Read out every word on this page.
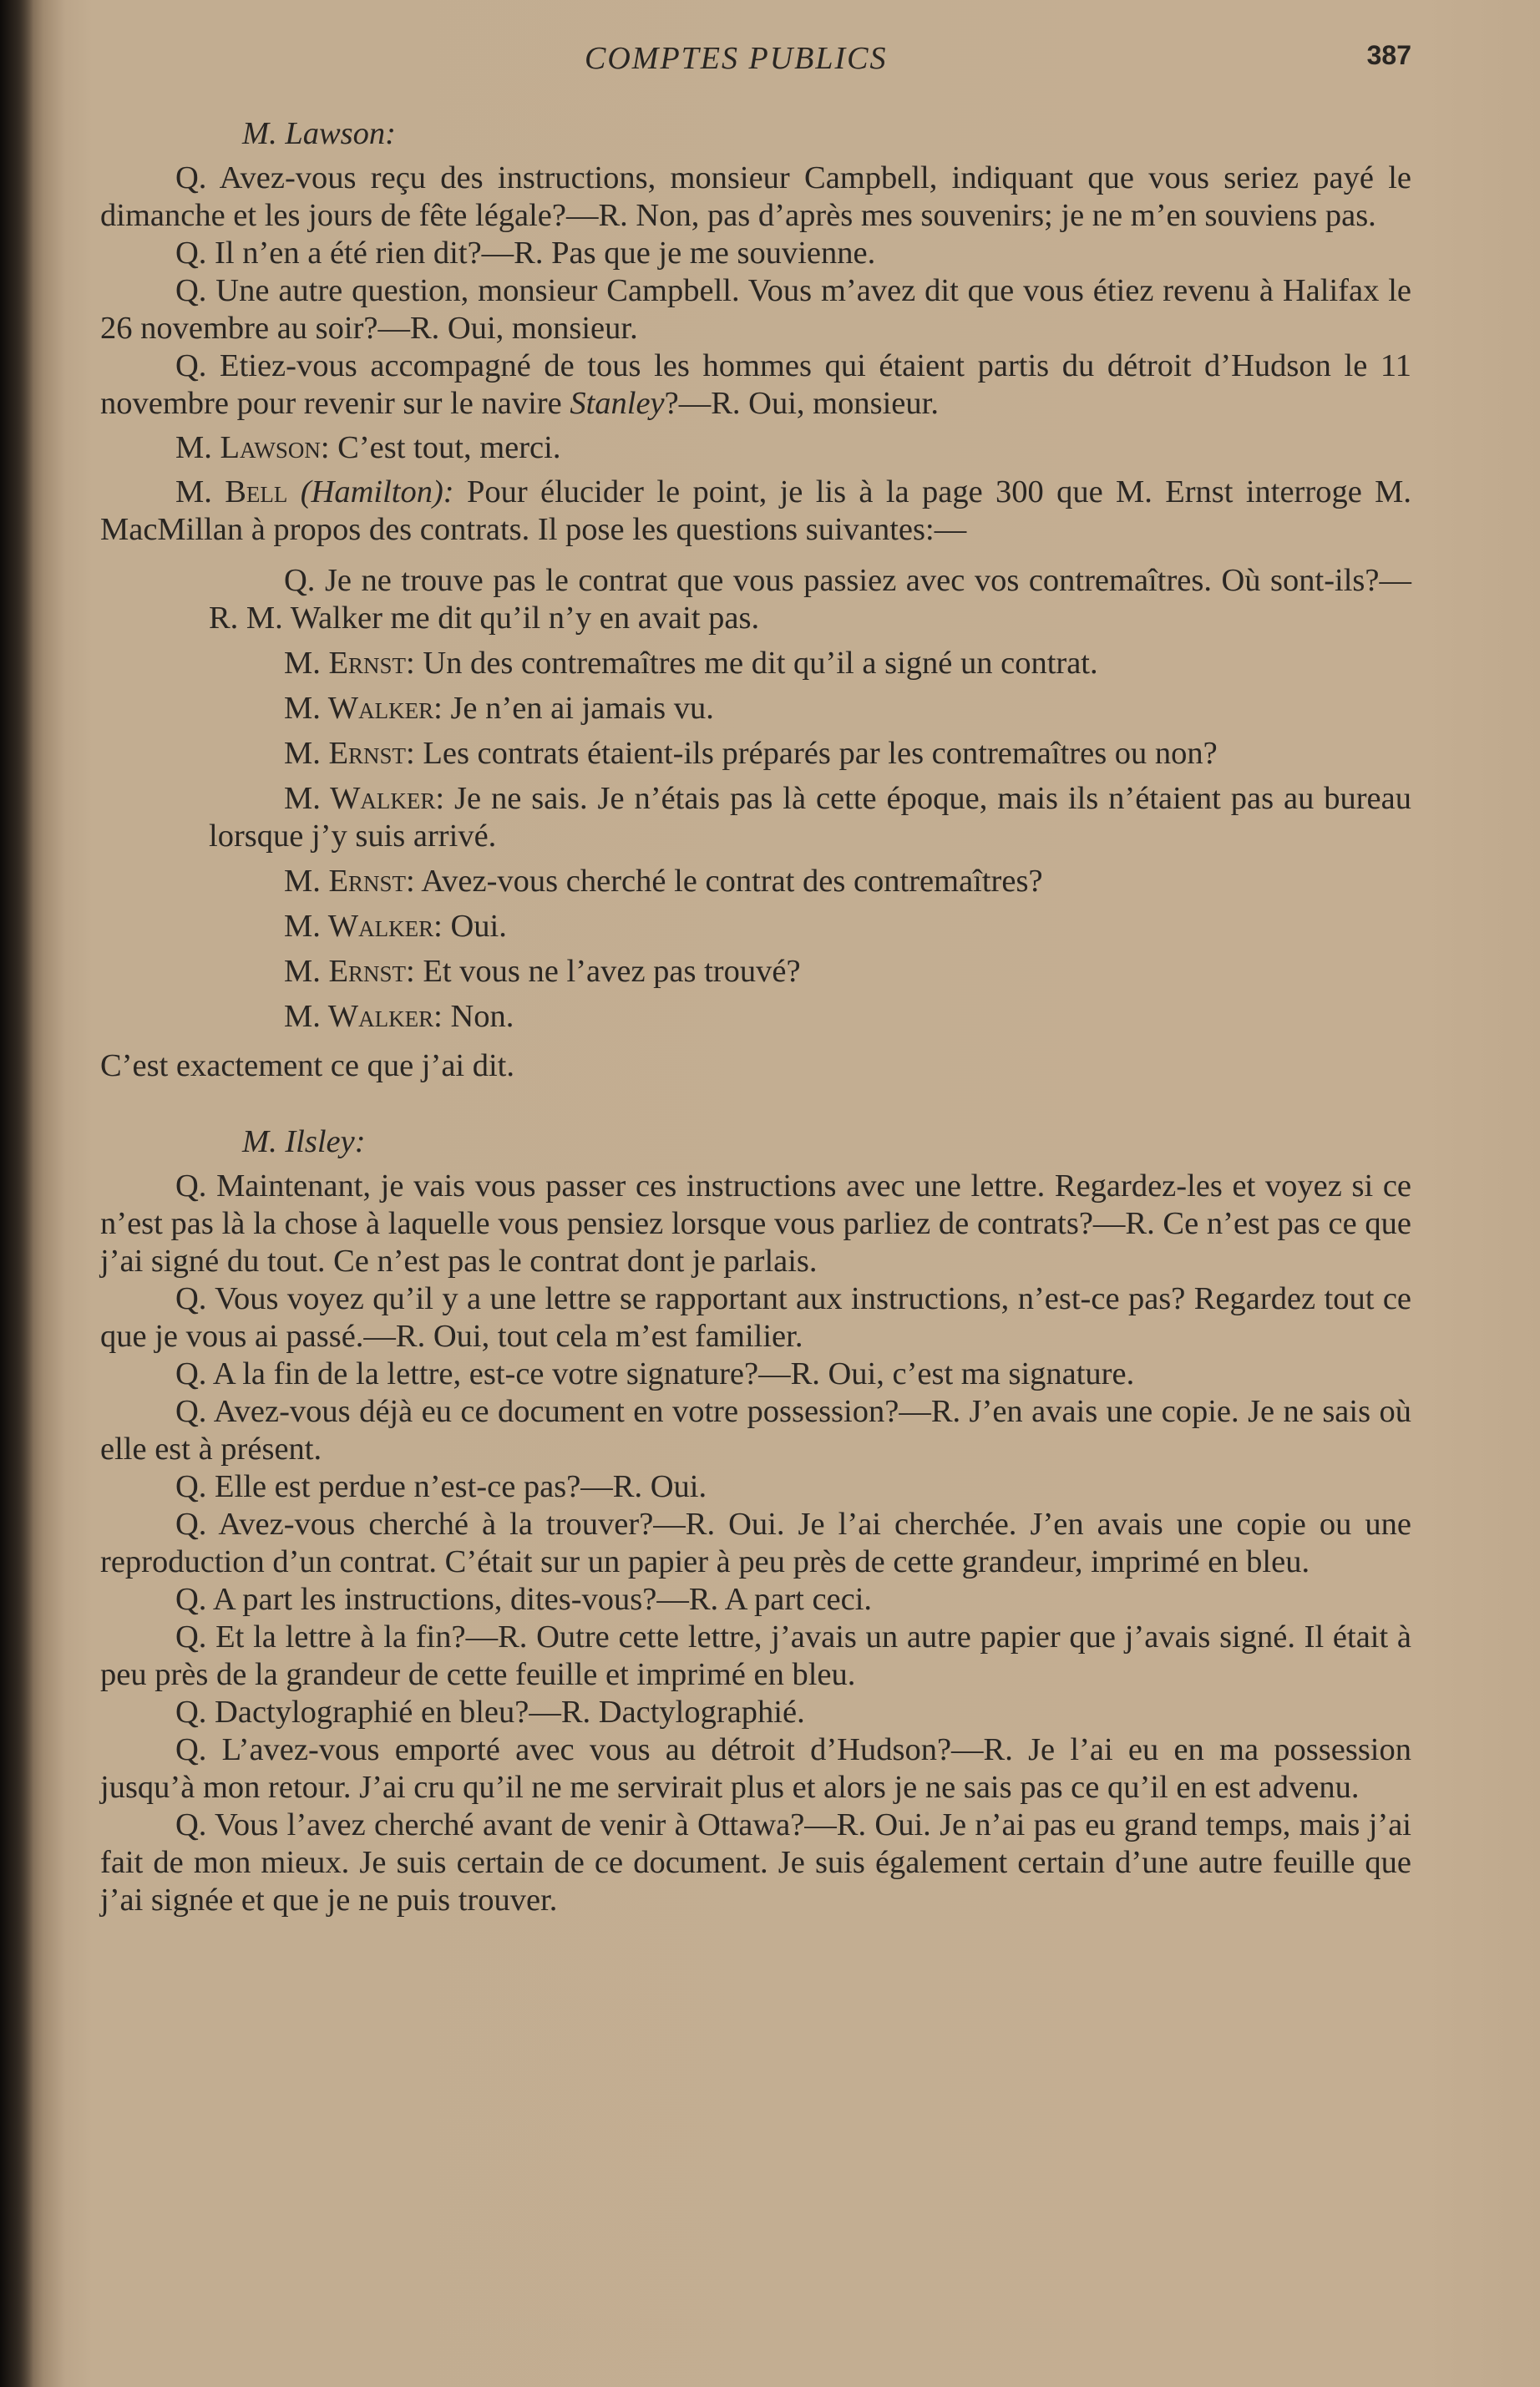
COMPTES PUBLICS	387

M. Lawson:

Q. Avez-vous reçu des instructions, monsieur Campbell, indiquant que vous seriez payé le dimanche et les jours de fête légale?—R. Non, pas d’après mes souvenirs; je ne m’en souviens pas.

Q. Il n’en a été rien dit?—R. Pas que je me souvienne.

Q. Une autre question, monsieur Campbell. Vous m’avez dit que vous étiez revenu à Halifax le 26 novembre au soir?—R. Oui, monsieur.

Q. Etiez-vous accompagné de tous les hommes qui étaient partis du détroit d’Hudson le 11 novembre pour revenir sur le navire Stanley?—R. Oui, monsieur.

M. Lawson: C’est tout, merci.

M. Bell (Hamilton): Pour élucider le point, je lis à la page 300 que M. Ernst interroge M. MacMillan à propos des contrats. Il pose les questions suivantes:—

Q. Je ne trouve pas le contrat que vous passiez avec vos contremaîtres. Où sont-ils?—R. M. Walker me dit qu’il n’y en avait pas.

M. Ernst: Un des contremaîtres me dit qu’il a signé un contrat.

M. Walker: Je n’en ai jamais vu.

M. Ernst: Les contrats étaient-ils préparés par les contremaîtres ou non?

M. Walker: Je ne sais. Je n’étais pas là cette époque, mais ils n’étaient pas au bureau lorsque j’y suis arrivé.

M. Ernst: Avez-vous cherché le contrat des contremaîtres?

M. Walker: Oui.

M. Ernst: Et vous ne l’avez pas trouvé?

M. Walker: Non.

C’est exactement ce que j’ai dit.

M. Ilsley:

Q. Maintenant, je vais vous passer ces instructions avec une lettre. Regardez-les et voyez si ce n’est pas là la chose à laquelle vous pensiez lorsque vous parliez de contrats?—R. Ce n’est pas ce que j’ai signé du tout. Ce n’est pas le contrat dont je parlais.

Q. Vous voyez qu’il y a une lettre se rapportant aux instructions, n’est-ce pas? Regardez tout ce que je vous ai passé.—R. Oui, tout cela m’est familier.

Q. A la fin de la lettre, est-ce votre signature?—R. Oui, c’est ma signature.

Q. Avez-vous déjà eu ce document en votre possession?—R. J’en avais une copie. Je ne sais où elle est à présent.

Q. Elle est perdue n’est-ce pas?—R. Oui.

Q. Avez-vous cherché à la trouver?—R. Oui. Je l’ai cherchée. J’en avais une copie ou une reproduction d’un contrat. C’était sur un papier à peu près de cette grandeur, imprimé en bleu.

Q. A part les instructions, dites-vous?—R. A part ceci.

Q. Et la lettre à la fin?—R. Outre cette lettre, j’avais un autre papier que j’avais signé. Il était à peu près de la grandeur de cette feuille et imprimé en bleu.

Q. Dactylographié en bleu?—R. Dactylographié.

Q. L’avez-vous emporté avec vous au détroit d’Hudson?—R. Je l’ai eu en ma possession jusqu’à mon retour. J’ai cru qu’il ne me servirait plus et alors je ne sais pas ce qu’il en est advenu.

Q. Vous l’avez cherché avant de venir à Ottawa?—R. Oui. Je n’ai pas eu grand temps, mais j’ai fait de mon mieux. Je suis certain de ce document. Je suis également certain d’une autre feuille que j’ai signée et que je ne puis trouver.
